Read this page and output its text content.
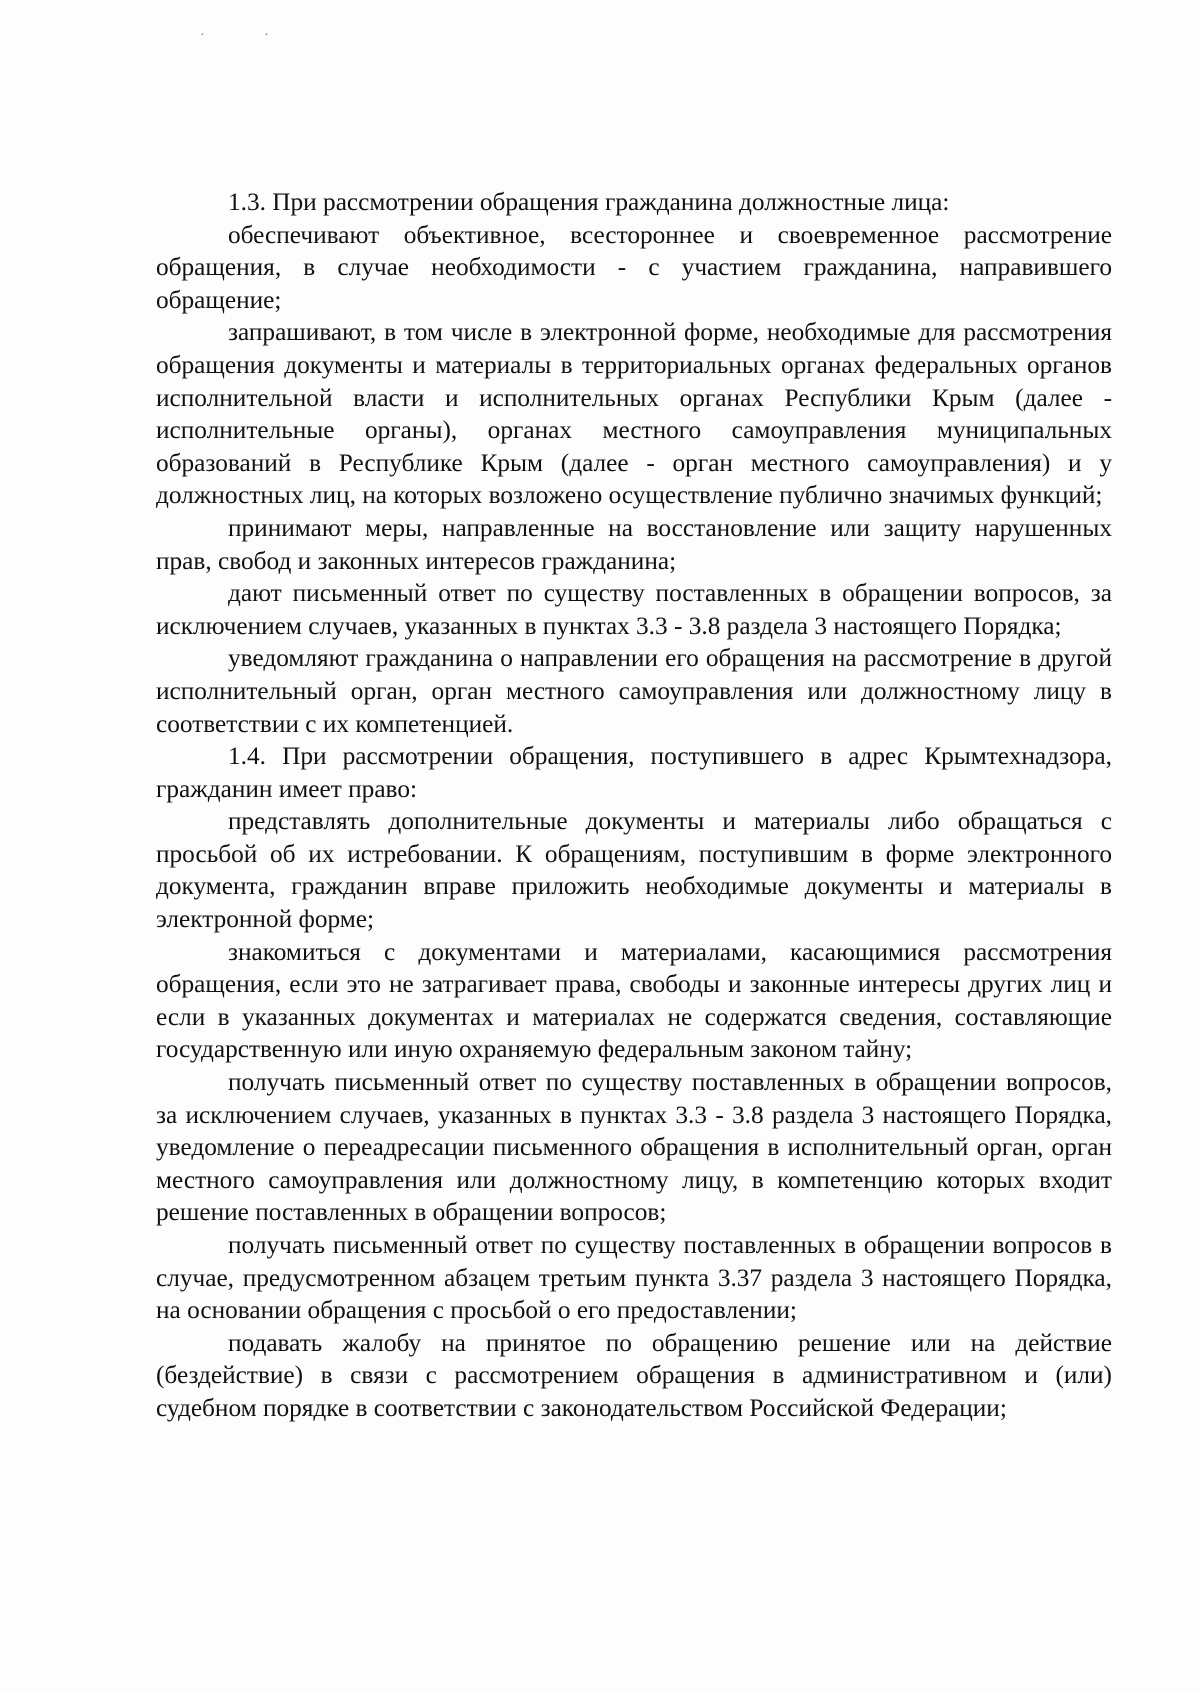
· ·

1.3. При рассмотрении обращения гражданина должностные лица:

обеспечивают объективное, всестороннее и своевременное рассмотрение обращения, в случае необходимости - с участием гражданина, направившего обращение;

запрашивают, в том числе в электронной форме, необходимые для рассмотрения обращения документы и материалы в территориальных органах федеральных органов исполнительной власти и исполнительных органах Республики Крым (далее - исполнительные органы), органах местного самоуправления муниципальных образований в Республике Крым (далее - орган местного самоуправления) и у должностных лиц, на которых возложено осуществление публично значимых функций;

принимают меры, направленные на восстановление или защиту нарушенных прав, свобод и законных интересов гражданина;

дают письменный ответ по существу поставленных в обращении вопросов, за исключением случаев, указанных в пунктах 3.3 - 3.8 раздела 3 настоящего Порядка;

уведомляют гражданина о направлении его обращения на рассмотрение в другой исполнительный орган, орган местного самоуправления или должностному лицу в соответствии с их компетенцией.

1.4. При рассмотрении обращения, поступившего в адрес Крымтехнадзора, гражданин имеет право:

представлять дополнительные документы и материалы либо обращаться с просьбой об их истребовании. К обращениям, поступившим в форме электронного документа, гражданин вправе приложить необходимые документы и материалы в электронной форме;

знакомиться с документами и материалами, касающимися рассмотрения обращения, если это не затрагивает права, свободы и законные интересы других лиц и если в указанных документах и материалах не содержатся сведения, составляющие государственную или иную охраняемую федеральным законом тайну;

получать письменный ответ по существу поставленных в обращении вопросов, за исключением случаев, указанных в пунктах 3.3 - 3.8 раздела 3 настоящего Порядка, уведомление о переадресации письменного обращения в исполнительный орган, орган местного самоуправления или должностному лицу, в компетенцию которых входит решение поставленных в обращении вопросов;

получать письменный ответ по существу поставленных в обращении вопросов в случае, предусмотренном абзацем третьим пункта 3.37 раздела 3 настоящего Порядка, на основании обращения с просьбой о его предоставлении;

подавать жалобу на принятое по обращению решение или на действие (бездействие) в связи с рассмотрением обращения в административном и (или) судебном порядке в соответствии с законодательством Российской Федерации;
